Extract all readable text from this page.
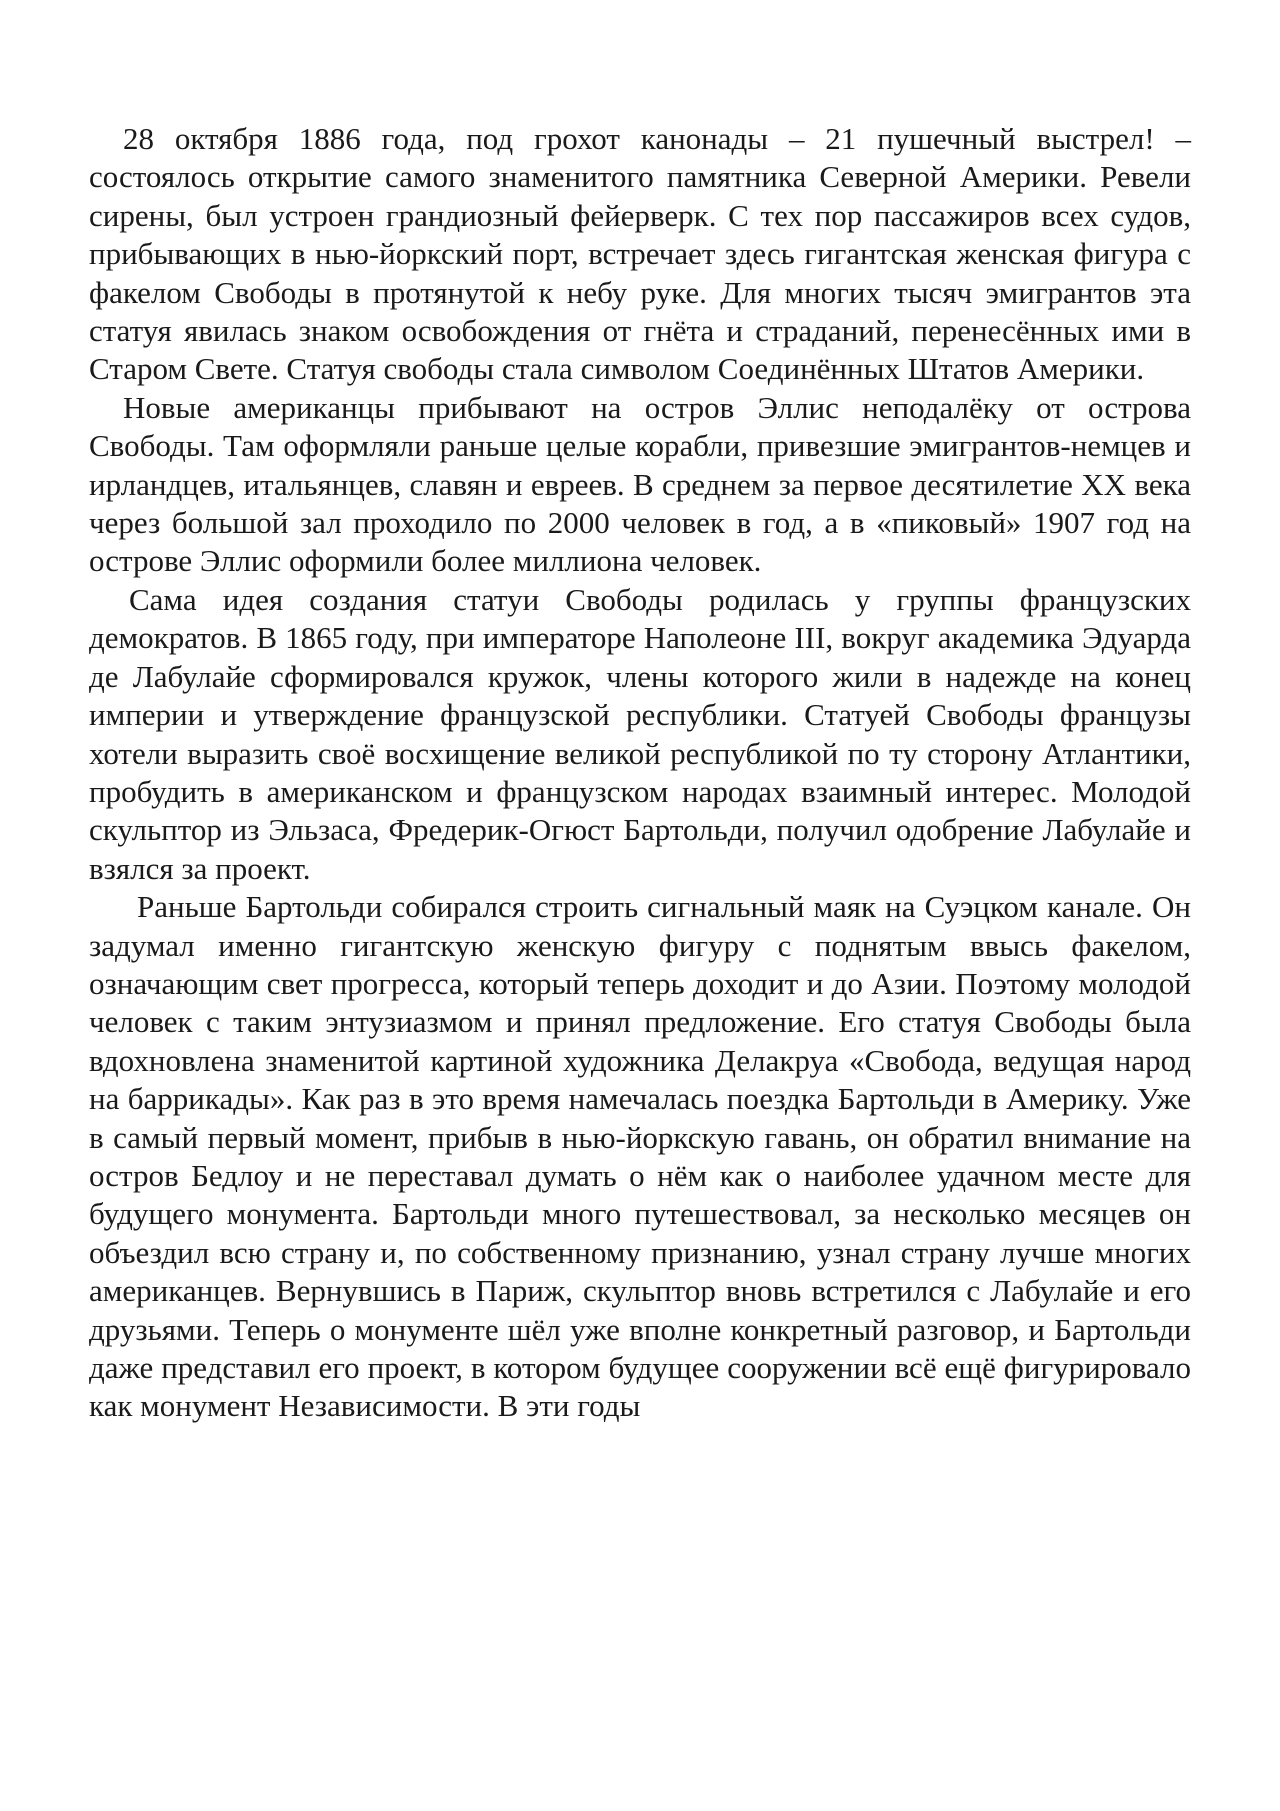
28 октября 1886 года, под грохот канонады – 21 пушечный выстрел! – состоялось открытие самого знаменитого памятника Северной Америки. Ревели сирены, был устроен грандиозный фейерверк. С тех пор пассажиров всех судов, прибывающих в нью-йоркский порт, встречает здесь гигантская женская фигура с факелом Свободы в протянутой к небу руке. Для многих тысяч эмигрантов эта статуя явилась знаком освобождения от гнёта и страданий, перенесённых ими в Старом Свете. Статуя свободы стала символом Соединённых Штатов Америки.

Новые американцы прибывают на остров Эллис неподалёку от острова Свободы. Там оформляли раньше целые корабли, привезшие эмигрантов-немцев и ирландцев, итальянцев, славян и евреев. В среднем за первое десятилетие XX века через большой зал проходило по 2000 человек в год, а в «пиковый» 1907 год на острове Эллис оформили более миллиона человек.

Сама идея создания статуи Свободы родилась у группы французских демократов. В 1865 году, при императоре Наполеоне III, вокруг академика Эдуарда де Лабулайе сформировался кружок, члены которого жили в надежде на конец империи и утверждение французской республики. Статуей Свободы французы хотели выразить своё восхищение великой республикой по ту сторону Атлантики, пробудить в американском и французском народах взаимный интерес. Молодой скульптор из Эльзаса, Фредерик-Огюст Бартольди, получил одобрение Лабулайе и взялся за проект.

Раньше Бартольди собирался строить сигнальный маяк на Суэцком канале. Он задумал именно гигантскую женскую фигуру с поднятым ввысь факелом, означающим свет прогресса, который теперь доходит и до Азии. Поэтому молодой человек с таким энтузиазмом и принял предложение. Его статуя Свободы была вдохновлена знаменитой картиной художника Делакруа «Свобода, ведущая народ на баррикады». Как раз в это время намечалась поездка Бартольди в Америку. Уже в самый первый момент, прибыв в нью-йоркскую гавань, он обратил внимание на остров Бедлоу и не переставал думать о нём как о наиболее удачном месте для будущего монумента. Бартольди много путешествовал, за несколько месяцев он объездил всю страну и, по собственному признанию, узнал страну лучше многих американцев. Вернувшись в Париж, скульптор вновь встретился с Лабулайе и его друзьями. Теперь о монументе шёл уже вполне конкретный разговор, и Бартольди даже представил его проект, в котором будущее сооружении всё ещё фигурировало как монумент Независимости. В эти годы
